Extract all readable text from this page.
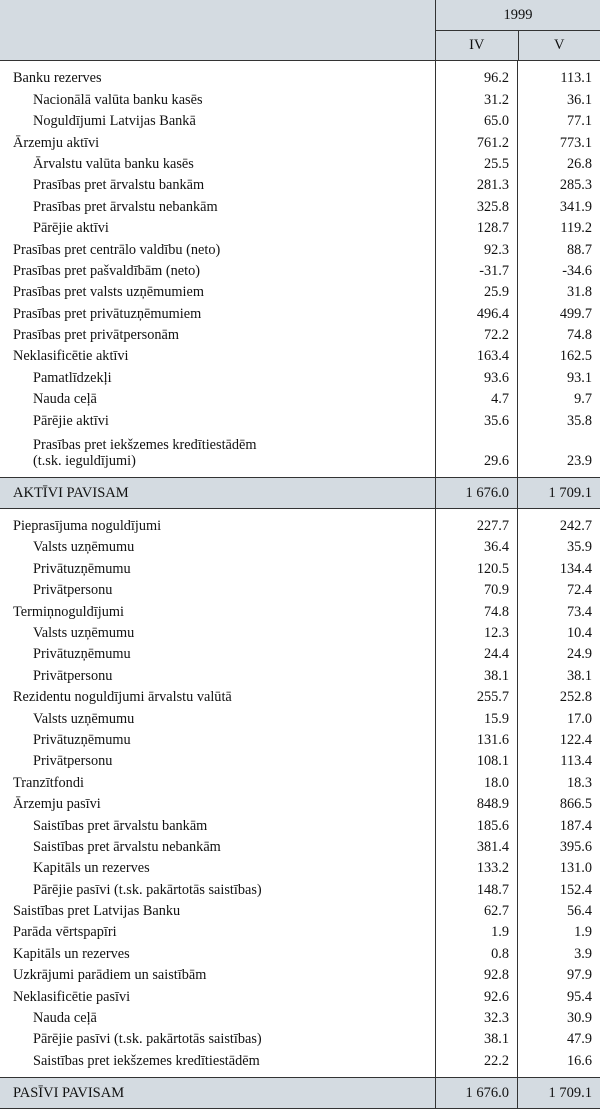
1999
IV	V
Banku rezerves	96.2	113.1
Nacionālā valūta banku kasēs	31.2	36.1
Noguldījumi Latvijas Bankā	65.0	77.1
Ārzemju aktīvi	761.2	773.1
Ārvalstu valūta banku kasēs	25.5	26.8
Prasības pret ārvalstu bankām	281.3	285.3
Prasības pret ārvalstu nebankām	325.8	341.9
Pārējie aktīvi	128.7	119.2
Prasības pret centrālo valdību (neto)	92.3	88.7
Prasības pret pašvaldībām (neto)	-31.7	-34.6
Prasības pret valsts uzņēmumiem	25.9	31.8
Prasības pret privātuzņēmumiem	496.4	499.7
Prasības pret privātpersonām	72.2	74.8
Neklasificētie aktīvi	163.4	162.5
Pamatlīdzekļi	93.6	93.1
Nauda ceļā	4.7	9.7
Pārējie aktīvi	35.6	35.8
Prasības pret iekšzemes kredītiestādēm
(t.sk. ieguldījumi)	29.6	23.9
AKTĪVI PAVISAM	1 676.0	1 709.1
Pieprasījuma noguldījumi	227.7	242.7
Valsts uzņēmumu	36.4	35.9
Privātuzņēmumu	120.5	134.4
Privātpersonu	70.9	72.4
Termiņnoguldījumi	74.8	73.4
Valsts uzņēmumu	12.3	10.4
Privātuzņēmumu	24.4	24.9
Privātpersonu	38.1	38.1
Rezidentu noguldījumi ārvalstu valūtā	255.7	252.8
Valsts uzņēmumu	15.9	17.0
Privātuzņēmumu	131.6	122.4
Privātpersonu	108.1	113.4
Tranzītfondi	18.0	18.3
Ārzemju pasīvi	848.9	866.5
Saistības pret ārvalstu bankām	185.6	187.4
Saistības pret ārvalstu nebankām	381.4	395.6
Kapitāls un rezerves	133.2	131.0
Pārējie pasīvi (t.sk. pakārtotās saistības)	148.7	152.4
Saistības pret Latvijas Banku	62.7	56.4
Parāda vērtspapīri	1.9	1.9
Kapitāls un rezerves	0.8	3.9
Uzkrājumi parādiem un saistībām	92.8	97.9
Neklasificētie pasīvi	92.6	95.4
Nauda ceļā	32.3	30.9
Pārējie pasīvi (t.sk. pakārtotās saistības)	38.1	47.9
Saistības pret iekšzemes kredītiestādēm	22.2	16.6
PASĪVI PAVISAM	1 676.0	1 709.1
